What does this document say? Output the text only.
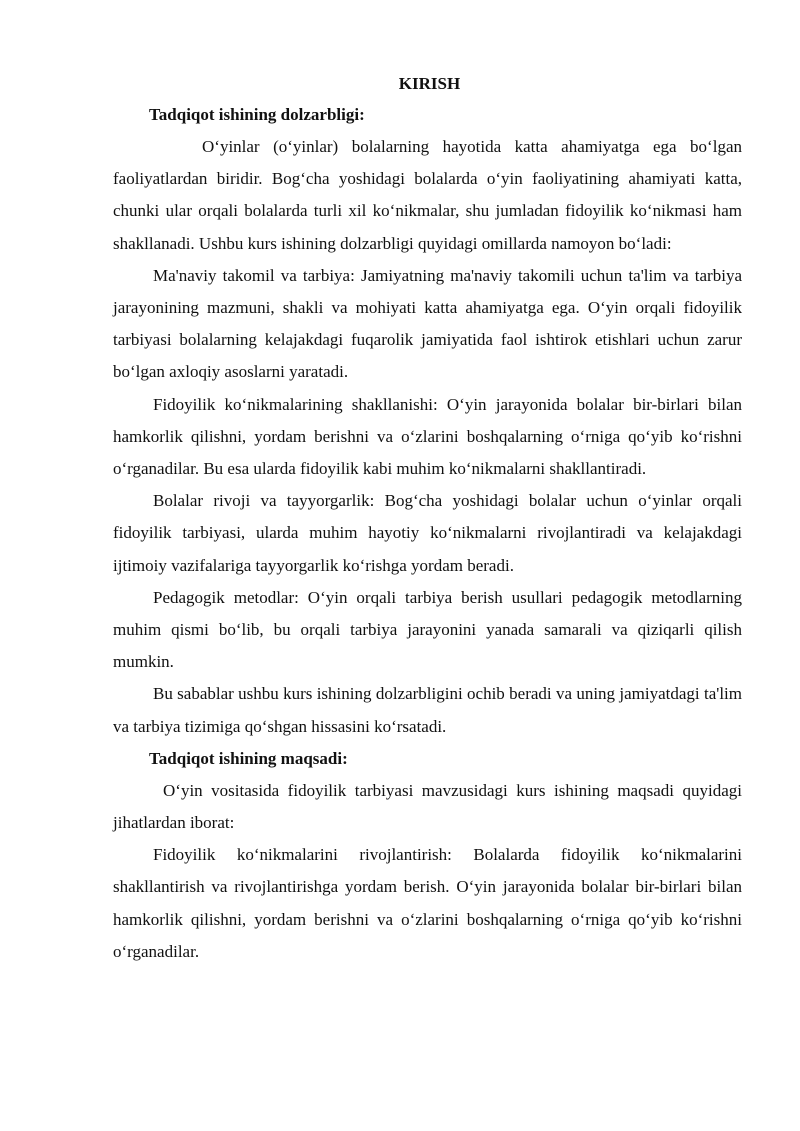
KIRISH
Tadqiqot ishining dolzarbligi:

O‘yinlar (o‘yinlar) bolalarning hayotida katta ahamiyatga ega bo‘lgan faoliyatlardan biridir. Bog‘cha yoshidagi bolalarda o‘yin faoliyatining ahamiyati katta, chunki ular orqali bolalarda turli xil ko‘nikmalar, shu jumladan fidoyilik ko‘nikmasi ham shakllanadi. Ushbu kurs ishining dolzarbligi quyidagi omillarda namoyon bo‘ladi:

Ma'naviy takomil va tarbiya: Jamiyatning ma'naviy takomili uchun ta'lim va tarbiya jarayonining mazmuni, shakli va mohiyati katta ahamiyatga ega. O‘yin orqali fidoyilik tarbiyasi bolalarning kelajakdagi fuqarolik jamiyatida faol ishtirok etishlari uchun zarur bo‘lgan axloqiy asoslarni yaratadi.

Fidoyilik ko‘nikmalarining shakllanishi: O‘yin jarayonida bolalar bir-birlari bilan hamkorlik qilishni, yordam berishni va o‘zlarini boshqalarning o‘rniga qo‘yib ko‘rishni o‘rganadilar. Bu esa ularda fidoyilik kabi muhim ko‘nikmalarni shakllantiradi.

Bolalar rivoji va tayyorgarlik: Bog‘cha yoshidagi bolalar uchun o‘yinlar orqali fidoyilik tarbiyasi, ularda muhim hayotiy ko‘nikmalarni rivojlantiradi va kelajakdagi ijtimoiy vazifalariga tayyorgarlik ko‘rishga yordam beradi.

Pedagogik metodlar: O‘yin orqali tarbiya berish usullari pedagogik metodlarning muhim qismi bo‘lib, bu orqali tarbiya jarayonini yanada samarali va qiziqarli qilish mumkin.

Bu sabablar ushbu kurs ishining dolzarbligini ochib beradi va uning jamiyatdagi ta'lim va tarbiya tizimiga qo‘shgan hissasini ko‘rsatadi.

Tadqiqot ishining maqsadi:

O‘yin vositasida fidoyilik tarbiyasi mavzusidagi kurs ishining maqsadi quyidagi jihatlardan iborat:

Fidoyilik ko‘nikmalarini rivojlantirish: Bolalarda fidoyilik ko‘nikmalarini shakllantirish va rivojlantirishga yordam berish. O‘yin jarayonida bolalar bir-birlari bilan hamkorlik qilishni, yordam berishni va o‘zlarini boshqalarning o‘rniga qo‘yib ko‘rishni o‘rganadilar.
